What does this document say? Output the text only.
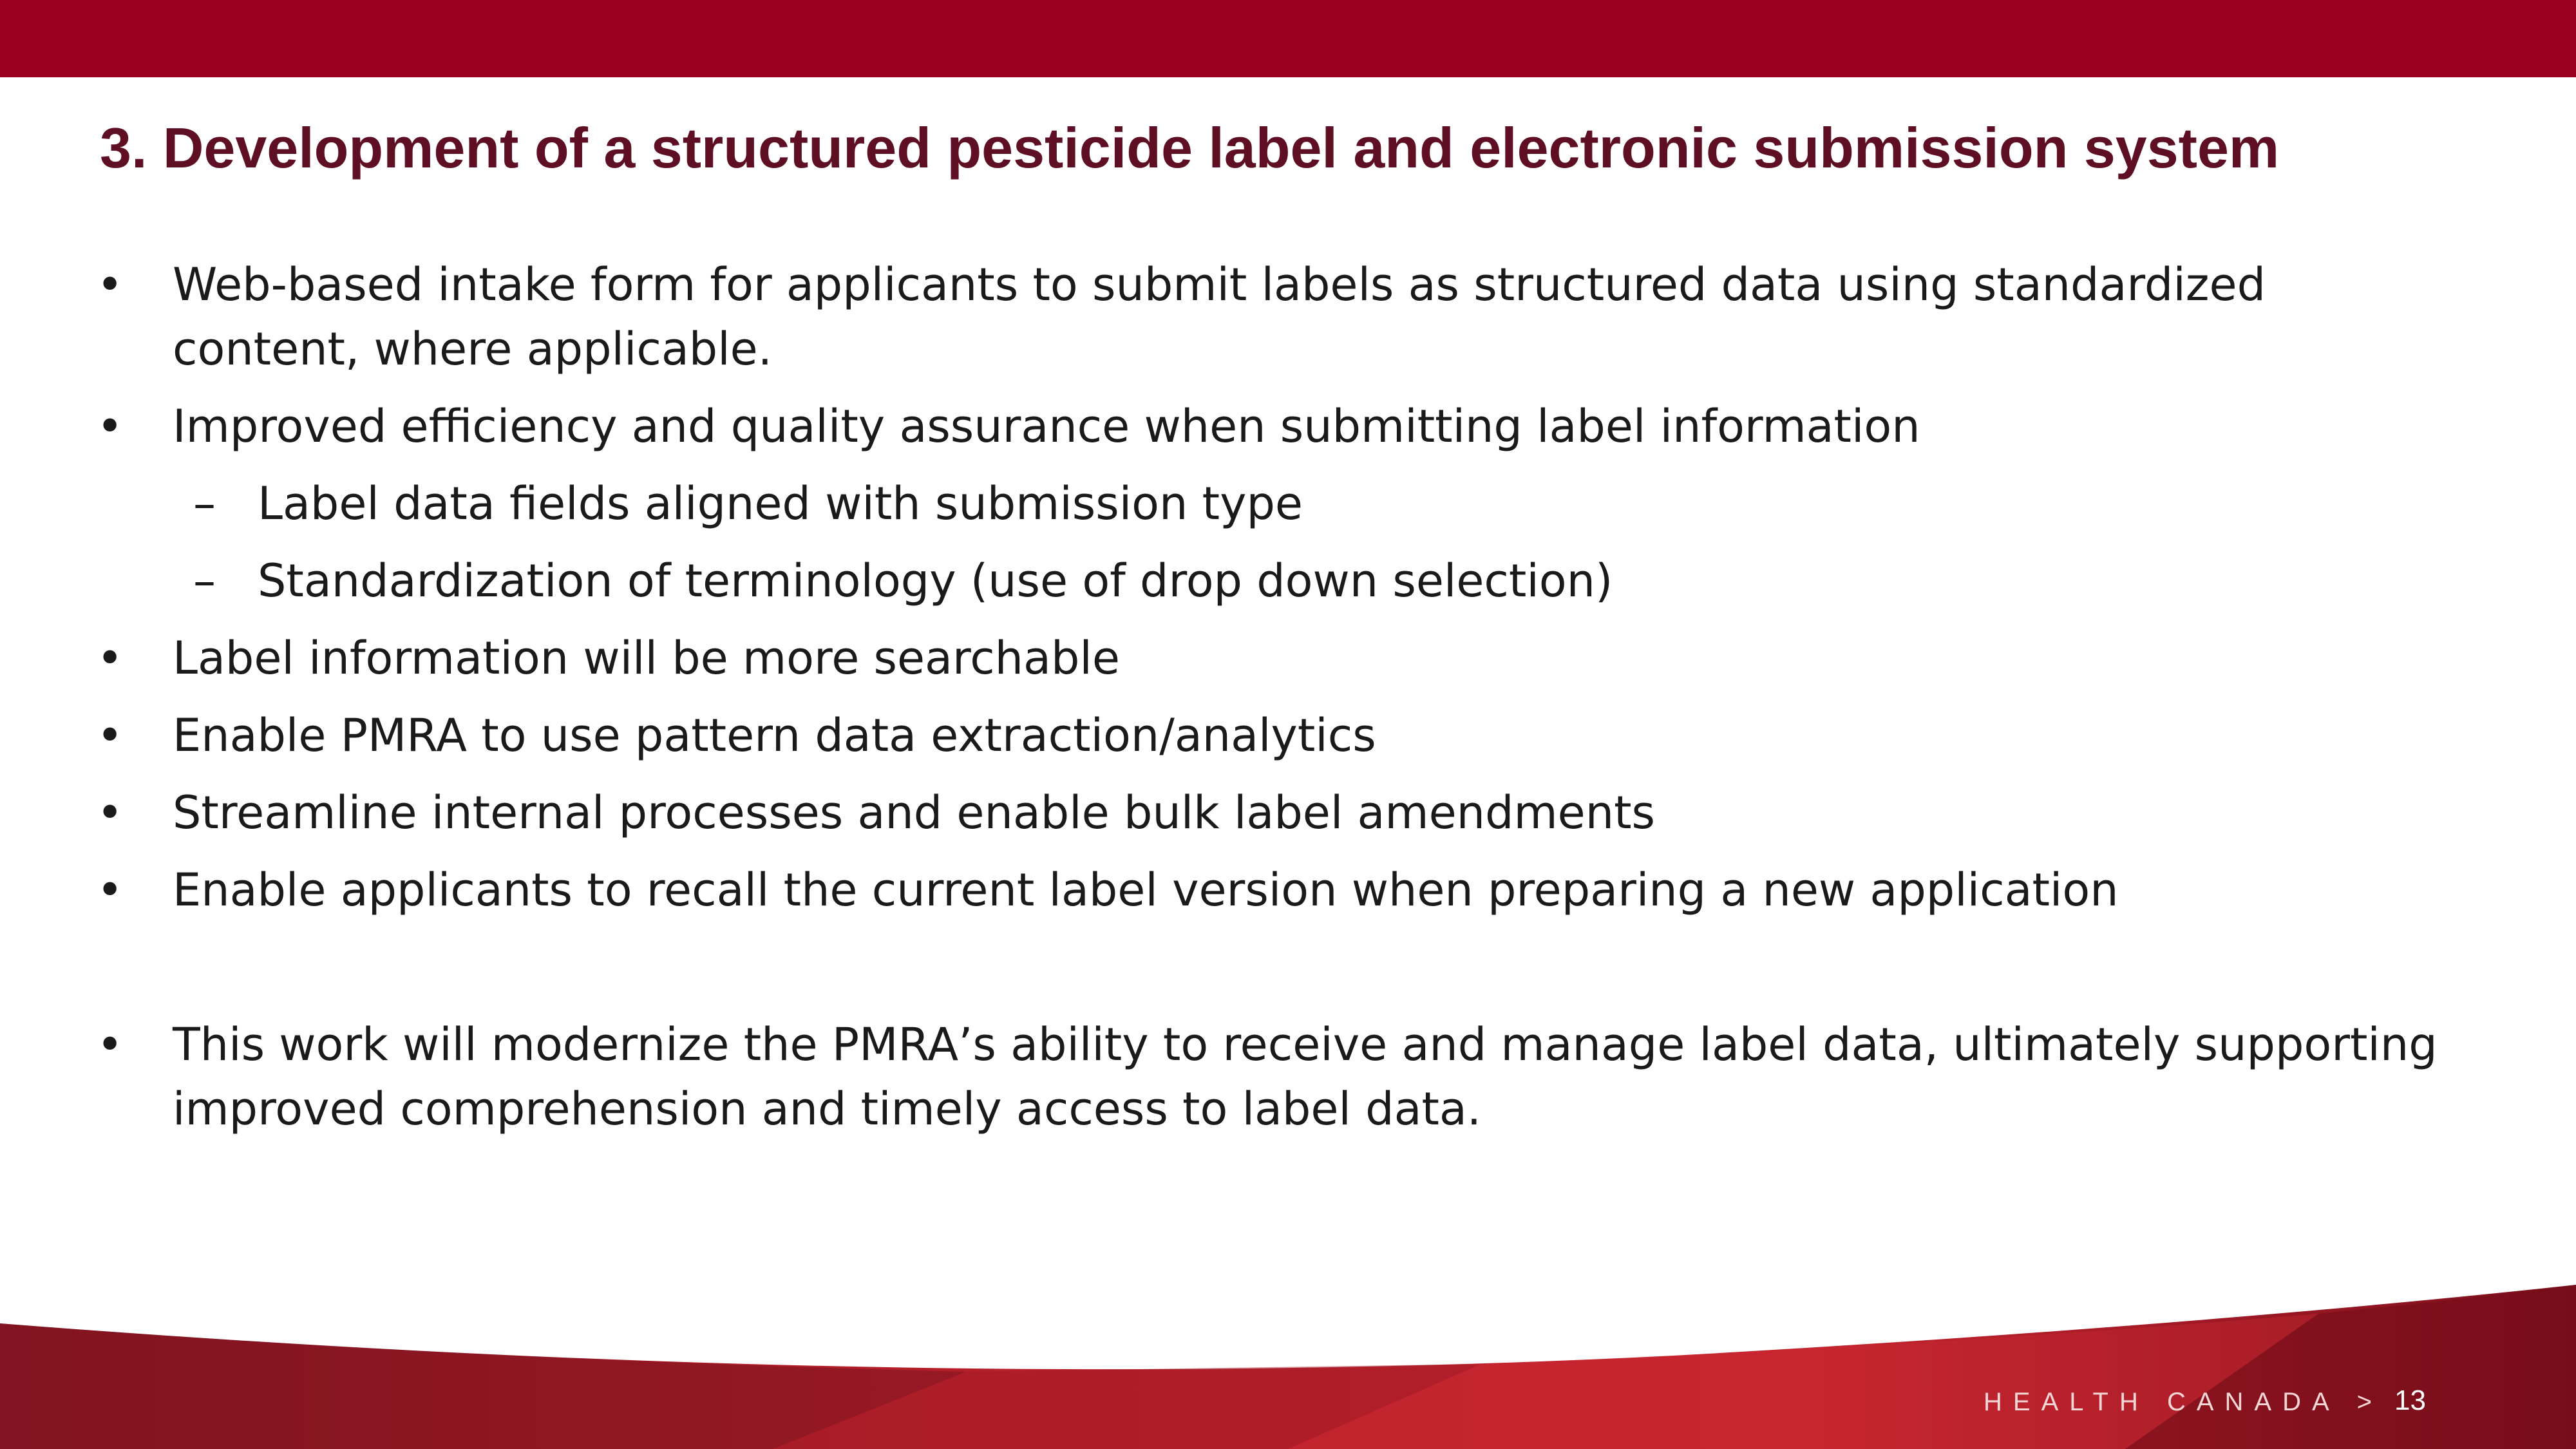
3. Development of a structured pesticide label and electronic submission system
• Web-based intake form for applicants to submit labels as structured data using standardized
content, where applicable.
• Improved efficiency and quality assurance when submitting label information
– Label data fields aligned with submission type
– Standardization of terminology (use of drop down selection)
• Label information will be more searchable
• Enable PMRA to use pattern data extraction/analytics
• Streamline internal processes and enable bulk label amendments
• Enable applicants to recall the current label version when preparing a new application
• This work will modernize the PMRA’s ability to receive and manage label data, ultimately supporting
improved comprehension and timely access to label data.
HEALTH CANADA > 13
